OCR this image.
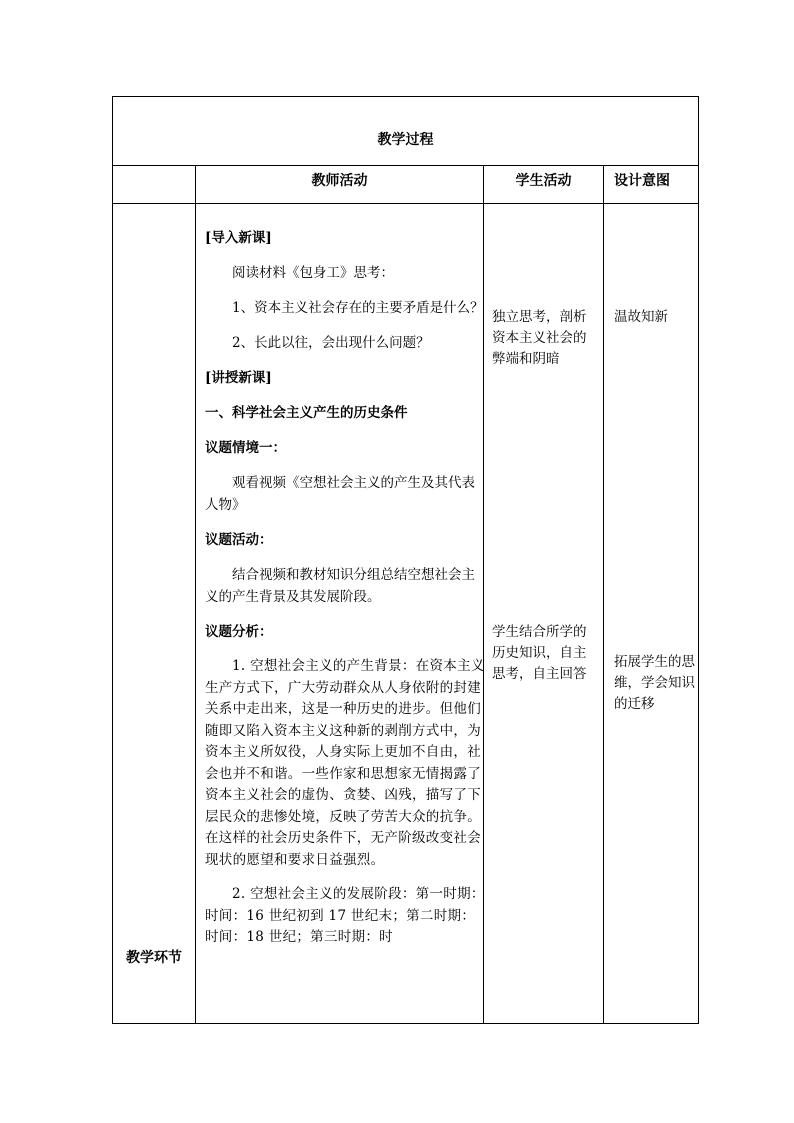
教学过程
教师活动	学生活动	设计意图
教学环节

[导入新课]

阅读材料《包身工》思考：

1、资本主义社会存在的主要矛盾是什么？

2、长此以往，会出现什么问题？

[讲授新课]

一、科学社会主义产生的历史条件

议题情境一：

观看视频《空想社会主义的产生及其代表人物》

议题活动：

结合视频和教材知识分组总结空想社会主义的产生背景及其发展阶段。

议题分析：

1. 空想社会主义的产生背景：在资本主义生产方式下，广大劳动群众从人身依附的封建关系中走出来，这是一种历史的进步。但他们随即又陷入资本主义这种新的剥削方式中，为资本主义所奴役，人身实际上更加不自由，社会也并不和谐。一些作家和思想家无情揭露了资本主义社会的虚伪、贪婪、凶残，描写了下层民众的悲惨处境，反映了劳苦大众的抗争。在这样的社会历史条件下，无产阶级改变社会现状的愿望和要求日益强烈。

2. 空想社会主义的发展阶段：第一时期：时间：16 世纪初到 17 世纪末；第二时期：时间：18 世纪；第三时期：时

独立思考，剖析资本主义社会的弊端和阴暗
学生结合所学的历史知识，自主思考，自主回答
温故知新
拓展学生的思维，学会知识的迁移
